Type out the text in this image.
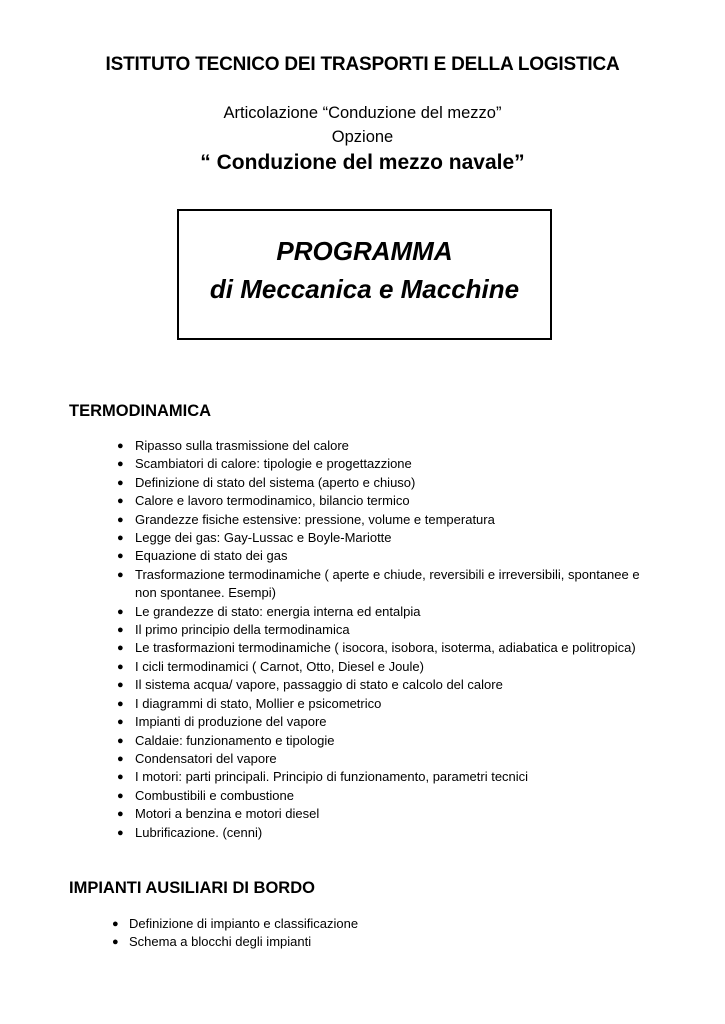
ISTITUTO TECNICO DEI TRASPORTI E DELLA LOGISTICA
Articolazione “Conduzione del mezzo”
Opzione
“ Conduzione del mezzo navale”
PROGRAMMA
di Meccanica e Macchine
TERMODINAMICA
● Ripasso sulla trasmissione del calore
● Scambiatori di calore: tipologie e progettazzione
● Definizione di stato del sistema (aperto e chiuso)
● Calore e lavoro termodinamico, bilancio termico
● Grandezze fisiche estensive: pressione, volume e temperatura
● Legge dei gas: Gay-Lussac e Boyle-Mariotte
● Equazione di stato dei gas
● Trasformazione termodinamiche ( aperte e chiude, reversibili e irreversibili, spontanee e non spontanee. Esempi)
● Le grandezze di stato: energia interna ed entalpia
● Il primo principio della termodinamica
● Le trasformazioni termodinamiche ( isocora, isobora, isoterma, adiabatica e politropica)
● I cicli termodinamici ( Carnot, Otto, Diesel e Joule)
● Il sistema acqua/ vapore, passaggio di stato e calcolo del calore
● I diagrammi di stato, Mollier e psicometrico
● Impianti di produzione del vapore
● Caldaie: funzionamento e tipologie
● Condensatori del vapore
● I motori: parti principali. Principio di funzionamento, parametri tecnici
● Combustibili e combustione
● Motori a benzina e motori diesel
● Lubrificazione. (cenni)
IMPIANTI AUSILIARI DI BORDO
● Definizione di impianto e classificazione
● Schema a blocchi degli impianti
